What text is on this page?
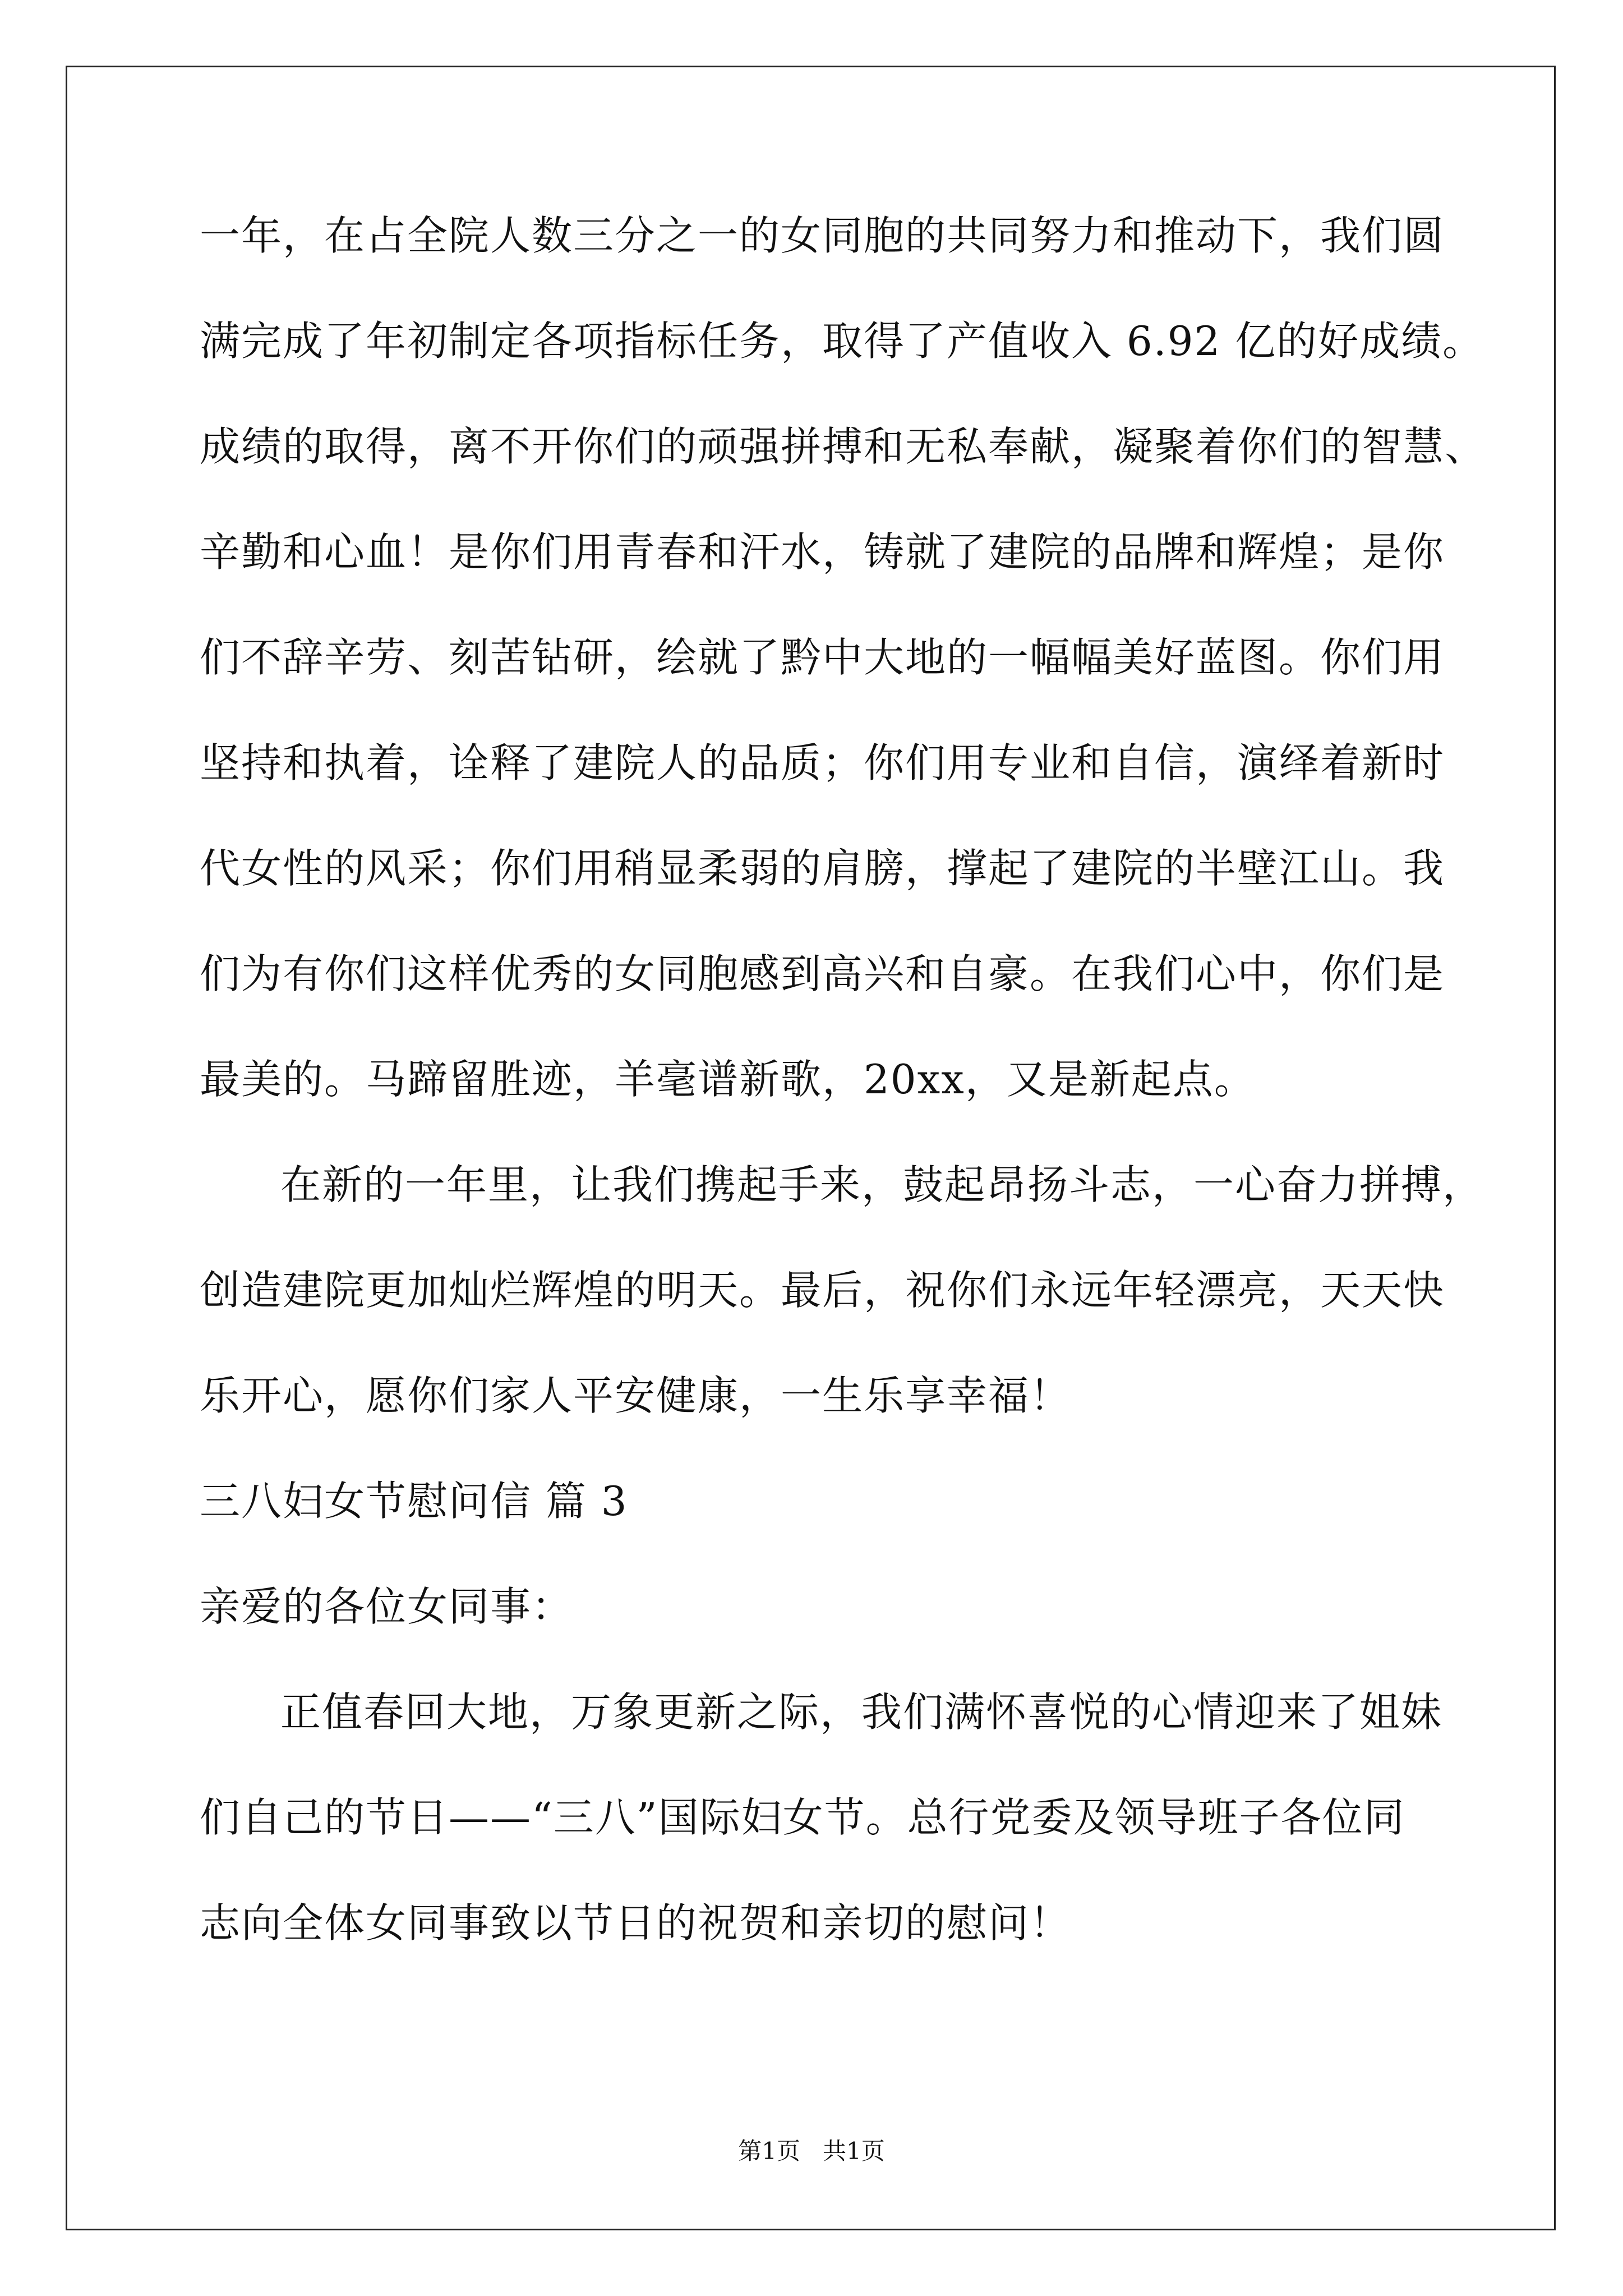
一年，在占全院人数三分之一的女同胞的共同努力和推动下，我们圆
满完成了年初制定各项指标任务，取得了产值收入 6.92 亿的好成绩。
成绩的取得，离不开你们的顽强拼搏和无私奉献，凝聚着你们的智慧、
辛勤和心血！是你们用青春和汗水，铸就了建院的品牌和辉煌；是你
们不辞辛劳、刻苦钻研，绘就了黔中大地的一幅幅美好蓝图。你们用
坚持和执着，诠释了建院人的品质；你们用专业和自信，演绎着新时
代女性的风采；你们用稍显柔弱的肩膀，撑起了建院的半壁江山。我
们为有你们这样优秀的女同胞感到高兴和自豪。在我们心中，你们是
最美的。马蹄留胜迹，羊毫谱新歌，20xx，又是新起点。
在新的一年里，让我们携起手来，鼓起昂扬斗志，一心奋力拼搏，
创造建院更加灿烂辉煌的明天。最后，祝你们永远年轻漂亮，天天快
乐开心，愿你们家人平安健康，一生乐享幸福！
三八妇女节慰问信 篇 3
亲爱的各位女同事：
正值春回大地，万象更新之际，我们满怀喜悦的心情迎来了姐妹
们自己的节日——“三八”国际妇女节。总行党委及领导班子各位同
志向全体女同事致以节日的祝贺和亲切的慰问！
第1页   共1页
